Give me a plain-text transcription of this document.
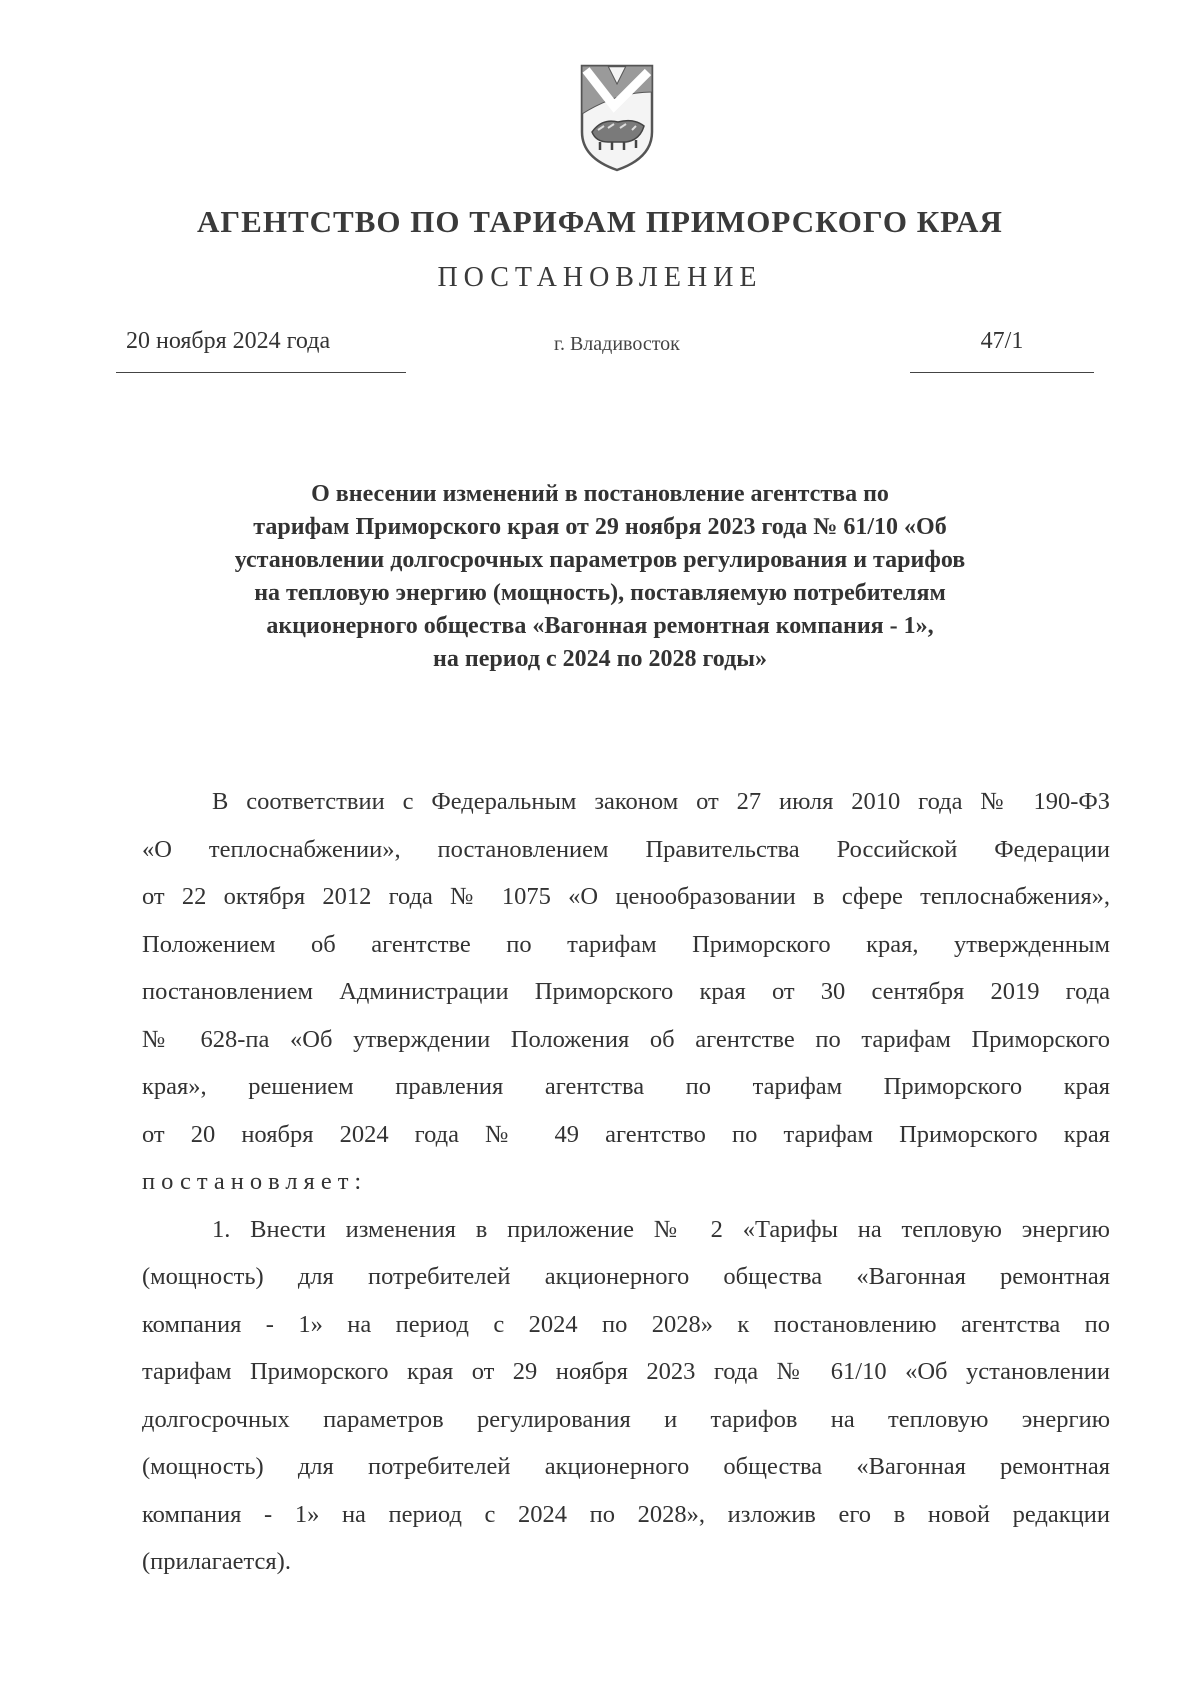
АГЕНТСТВО ПО ТАРИФАМ ПРИМОРСКОГО КРАЯ
ПОСТАНОВЛЕНИЕ
20 ноября 2024 года	г. Владивосток	47/1
О внесении изменений в постановление агентства по
тарифам Приморского края от 29 ноября 2023 года № 61/10 «Об
установлении долгосрочных параметров регулирования и тарифов
на тепловую энергию (мощность), поставляемую потребителям
акционерного общества «Вагонная ремонтная компания - 1»,
на период с 2024 по 2028 годы»
В соответствии с Федеральным законом от 27 июля 2010 года № 190-ФЗ
«О теплоснабжении», постановлением Правительства Российской Федерации
от 22 октября 2012 года № 1075 «О ценообразовании в сфере теплоснабжения»,
Положением об агентстве по тарифам Приморского края, утвержденным
постановлением Администрации Приморского края от 30 сентября 2019 года
№ 628-па «Об утверждении Положения об агентстве по тарифам Приморского
края», решением правления агентства по тарифам Приморского края
от 20 ноября 2024 года № 49 агентство по тарифам Приморского края
постановляет:
1. Внести изменения в приложение № 2 «Тарифы на тепловую энергию
(мощность) для потребителей акционерного общества «Вагонная ремонтная
компания - 1» на период с 2024 по 2028» к постановлению агентства по
тарифам Приморского края от 29 ноября 2023 года № 61/10 «Об установлении
долгосрочных параметров регулирования и тарифов на тепловую энергию
(мощность) для потребителей акционерного общества «Вагонная ремонтная
компания - 1» на период с 2024 по 2028», изложив его в новой редакции
(прилагается).
